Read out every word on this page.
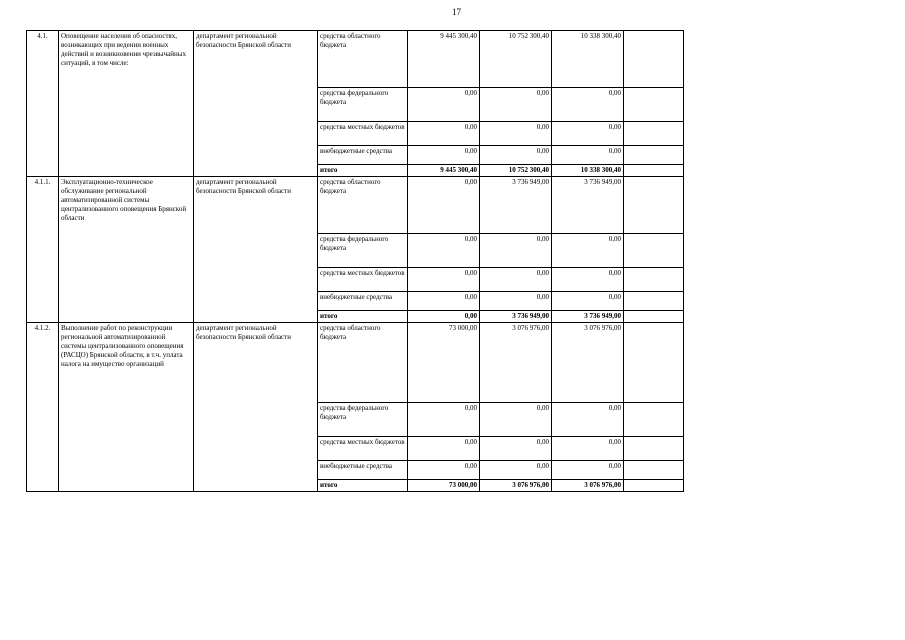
17
4.1.	Оповещение населения об опасностях, возникающих при ведении военных действий и возникновении чрезвычайных ситуаций, в том числе:	департамент региональной безопасности Брянской области	средства областного бюджета	9 445 300,40	10 752 300,40	10 338 300,40	
			средства федерального бюджета	0,00	0,00	0,00	
			средства местных бюджетов	0,00	0,00	0,00	
			внебюджетные средства	0,00	0,00	0,00	
			итого	9 445 300,40	10 752 300,40	10 338 300,40	
4.1.1.	Эксплуатационно-техническое обслуживание региональной автоматизированной системы централизованного оповещения Брянской области	департамент региональной безопасности Брянской области	средства областного бюджета	0,00	3 736 949,00	3 736 949,00	
			средства федерального бюджета	0,00	0,00	0,00	
			средства местных бюджетов	0,00	0,00	0,00	
			внебюджетные средства	0,00	0,00	0,00	
			итого	0,00	3 736 949,00	3 736 949,00	
4.1.2.	Выполнение работ по реконструкции региональной автоматизированной системы централизованного оповещения (РАСЦО) Брянской области, в т.ч. уплата налога на имущество организаций	департамент региональной безопасности Брянской области	средства областного бюджета	73 000,00	3 076 976,00	3 076 976,00	
			средства федерального бюджета	0,00	0,00	0,00	
			средства местных бюджетов	0,00	0,00	0,00	
			внебюджетные средства	0,00	0,00	0,00	
			итого	73 000,00	3 076 976,00	3 076 976,00	
